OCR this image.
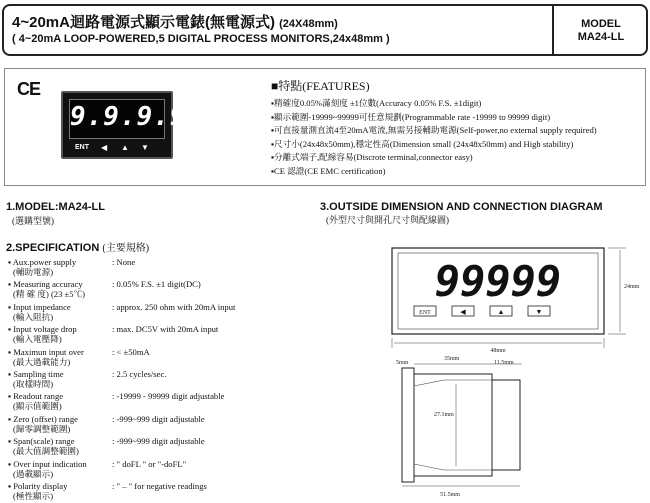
4~20mA迴路電源式顯示電錶(無電源式) (24X48mm)
( 4~20mA LOOP-POWERED,5 DIGITAL PROCESS MONITORS,24x48mm )
MODEL
MA24-LL
CE
9.9.9.9.9
ENT ◀ ▲ ▼
■特點(FEATURES)
▪精確度0.05%滿刻度 ±1位數(Accuracy 0.05% F.S. ±1digit)
▪顯示範圍-19999~99999可任意規劃(Programmable rate -19999 to 99999 digit)
▪可直接量測直流4至20mA電流,無需另接輔助電源(Self-power,no external supply required)
▪尺寸小(24x48x50mm),穩定性高(Dimension small (24x48x50mm) and High stability)
▪分離式端子,配線容易(Discrote terminal,connector easy)
▪CE 認證(CE EMC certification)
1.MODEL:MA24-LL
(選購型號)
2.SPECIFICATION (主要規格)
▪ Aux.power supply
(輔助電源)
: None
▪ Measuring accuracy
(精 確 度) (23 ±5℃)
: 0.05% F.S. ±1 digit(DC)
▪ Input impedance
(輸入阻抗)
: approx. 250 ohm with 20mA input
▪ Input voltage drop
(輸入電壓降)
: max. DC5V with 20mA input
▪ Maximun input over
(最大過載能力)
: < ±50mA
▪ Sampling time
(取樣時間)
: 2.5 cycles/sec.
▪ Readout range
(顯示值範圍)
: -19999 - 99999 digit adjustable
▪ Zero (offset) range
(歸零調整範圍)
: -999~999 digit adjustable
▪ Span(scale) range
(最大值調整範圍)
: -999~999 digit adjustable
▪ Over input indication
(過載顯示)
: " doFL " or "-doFL"
▪ Polarity display
(極性顯示)
: " – " for negative readings
3.OUTSIDE DIMENSION AND CONNECTION DIAGRAM
(外型尺寸與開孔尺寸與配線圖)
99999
ENT	◀	▲	▼
24mm
48mm
5mm
35mm
11.5mm
27.1mm
51.5mm
